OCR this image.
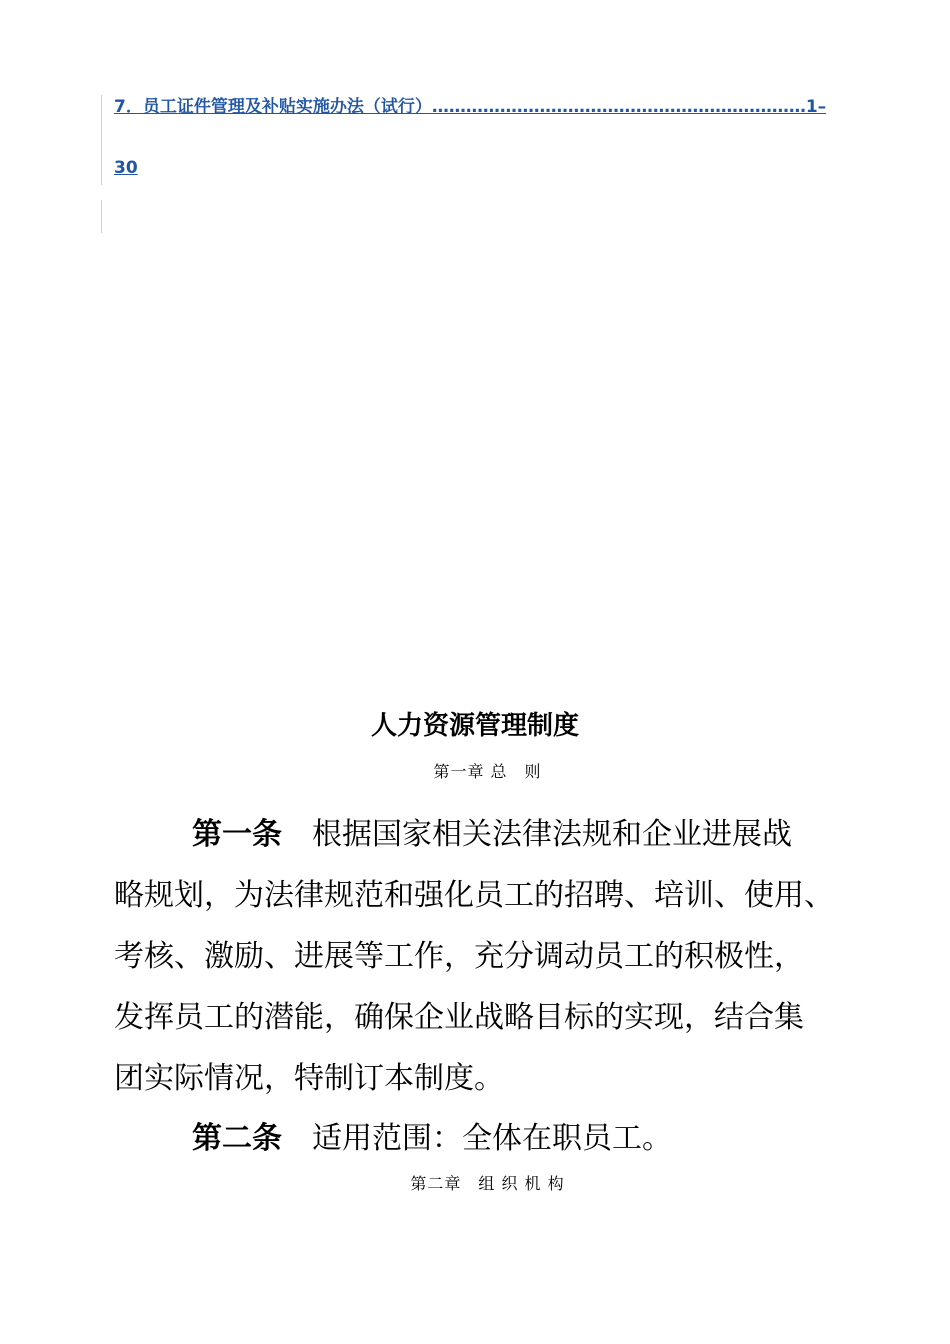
7．员工证件管理及补贴实施办法（试行）…………………………………………………………1–
30
人力资源管理制度
第一章 总　则
第一条 根据国家相关法律法规和企业进展战
略规划，为法律规范和强化员工的招聘、培训、使用、
考核、激励、进展等工作，充分调动员工的积极性，
发挥员工的潜能，确保企业战略目标的实现，结合集
团实际情况，特制订本制度。
第二条 适用范围：全体在职员工。
第二章　组 织 机 构
